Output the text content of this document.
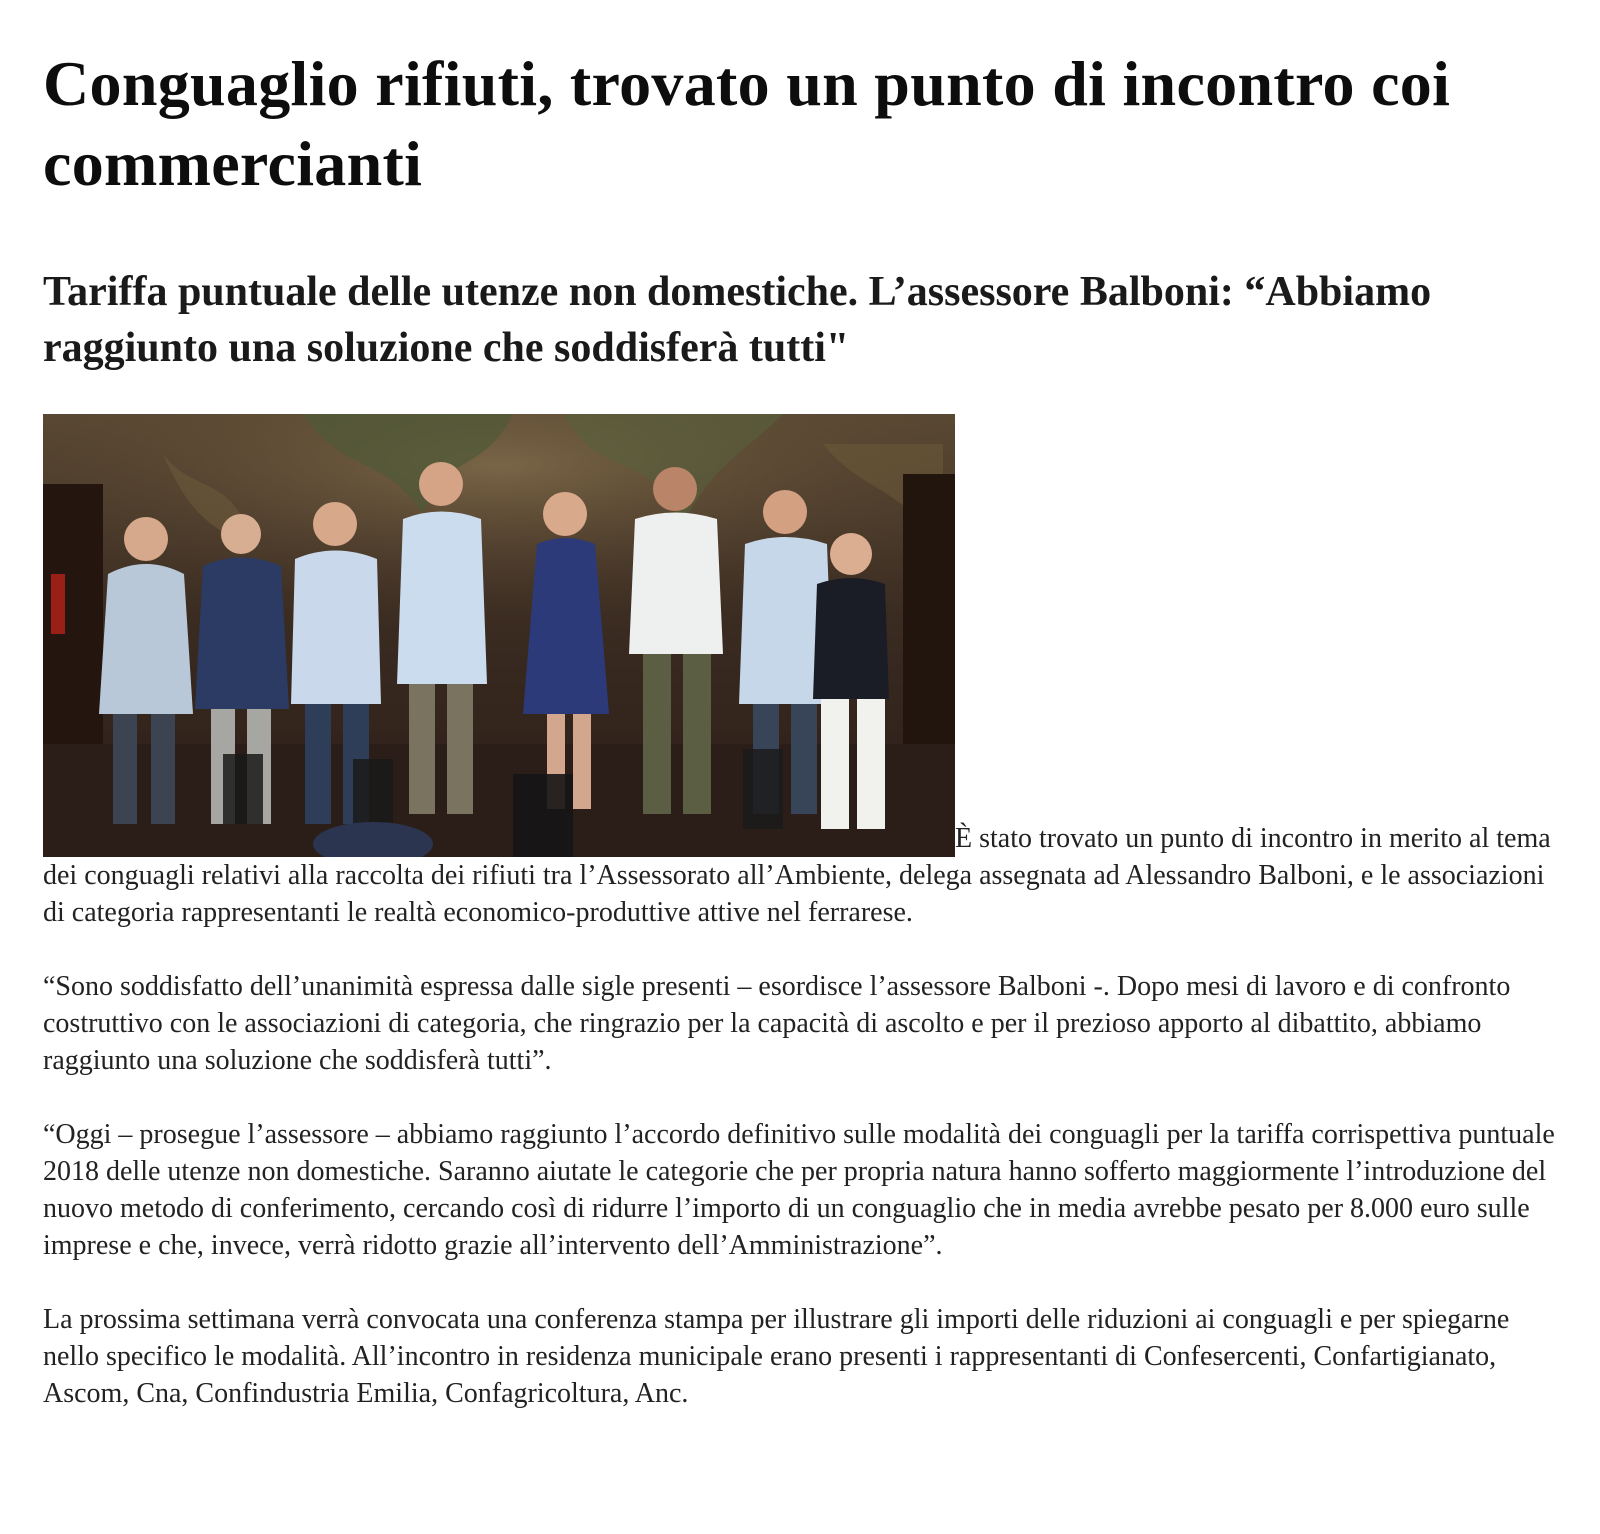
Conguaglio rifiuti, trovato un punto di incontro coi commercianti
Tariffa puntuale delle utenze non domestiche. L’assessore Balboni: “Abbiamo raggiunto una soluzione che soddisferà tutti"

È stato trovato un punto di incontro in merito al tema dei conguagli relativi alla raccolta dei rifiuti tra l’Assessorato all’Ambiente, delega assegnata ad Alessandro Balboni, e le associazioni di categoria rappresentanti le realtà economico-produttive attive nel ferrarese.

“Sono soddisfatto dell’unanimità espressa dalle sigle presenti – esordisce l’assessore Balboni -. Dopo mesi di lavoro e di confronto costruttivo con le associazioni di categoria, che ringrazio per la capacità di ascolto e per il prezioso apporto al dibattito, abbiamo raggiunto una soluzione che soddisferà tutti”.

“Oggi – prosegue l’assessore – abbiamo raggiunto l’accordo definitivo sulle modalità dei conguagli per la tariffa corrispettiva puntuale 2018 delle utenze non domestiche. Saranno aiutate le categorie che per propria natura hanno sofferto maggiormente l’introduzione del nuovo metodo di conferimento, cercando così di ridurre l’importo di un conguaglio che in media avrebbe pesato per 8.000 euro sulle imprese e che, invece, verrà ridotto grazie all’intervento dell’Amministrazione”.

La prossima settimana verrà convocata una conferenza stampa per illustrare gli importi delle riduzioni ai conguagli e per spiegarne nello specifico le modalità. All’incontro in residenza municipale erano presenti i rappresentanti di Confesercenti, Confartigianato, Ascom, Cna, Confindustria Emilia, Confagricoltura, Anc.
